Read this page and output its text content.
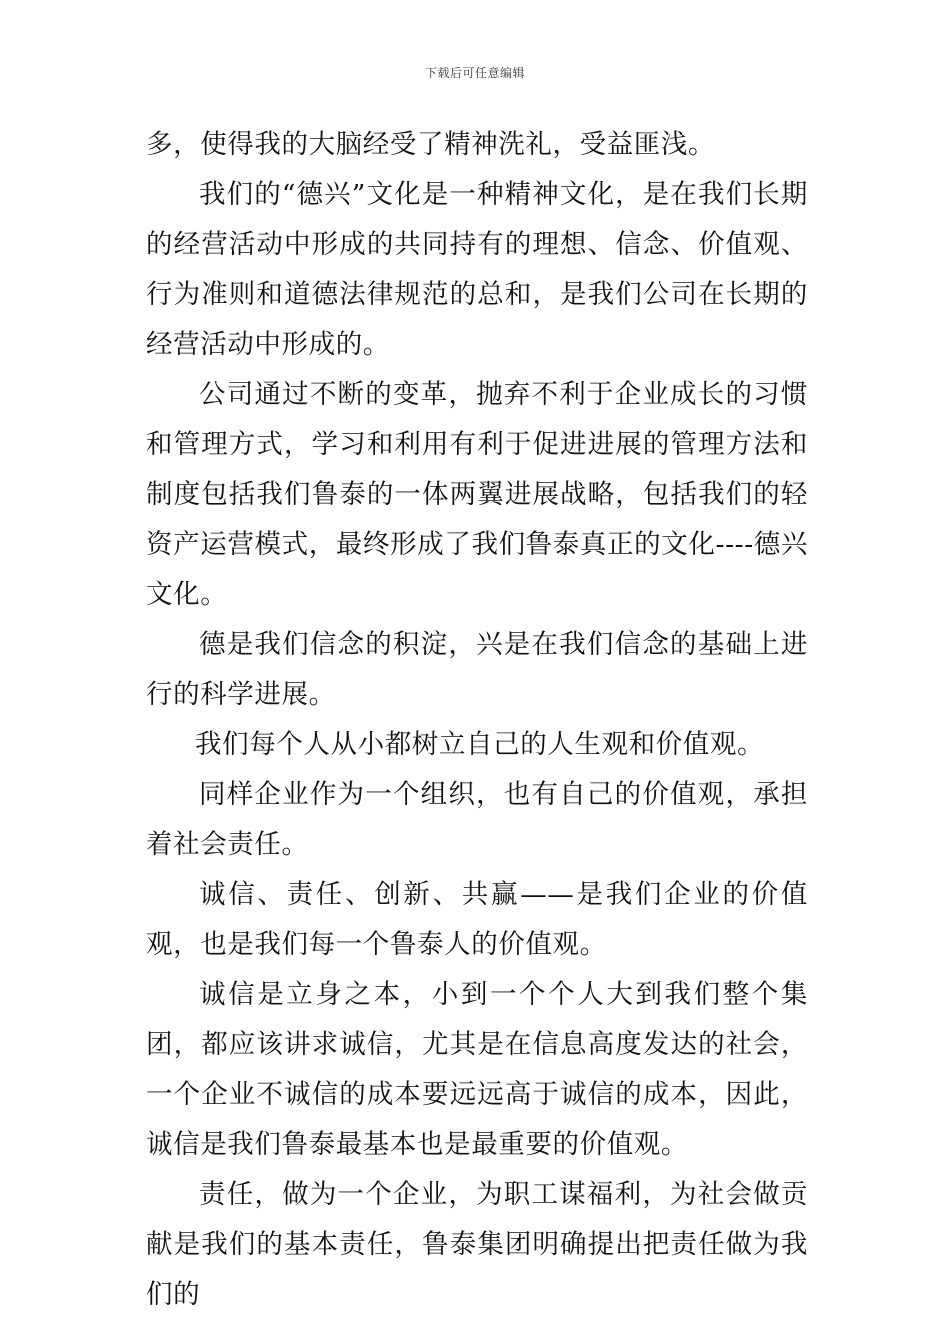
下载后可任意编辑

多，使得我的大脑经受了精神洗礼，受益匪浅。

我们的“德兴”文化是一种精神文化，是在我们长期的经营活动中形成的共同持有的理想、信念、价值观、行为准则和道德法律规范的总和，是我们公司在长期的经营活动中形成的。

公司通过不断的变革，抛弃不利于企业成长的习惯和管理方式，学习和利用有利于促进进展的管理方法和制度包括我们鲁泰的一体两翼进展战略，包括我们的轻资产运营模式，最终形成了我们鲁泰真正的文化----德兴文化。

德是我们信念的积淀，兴是在我们信念的基础上进行的科学进展。

我们每个人从小都树立自己的人生观和价值观。

同样企业作为一个组织，也有自己的价值观，承担着社会责任。

诚信、责任、创新、共赢——是我们企业的价值观，也是我们每一个鲁泰人的价值观。

诚信是立身之本，小到一个个人大到我们整个集团，都应该讲求诚信，尤其是在信息高度发达的社会，一个企业不诚信的成本要远远高于诚信的成本，因此，诚信是我们鲁泰最基本也是最重要的价值观。

责任，做为一个企业，为职工谋福利，为社会做贡献是我们的基本责任，鲁泰集团明确提出把责任做为我们的
